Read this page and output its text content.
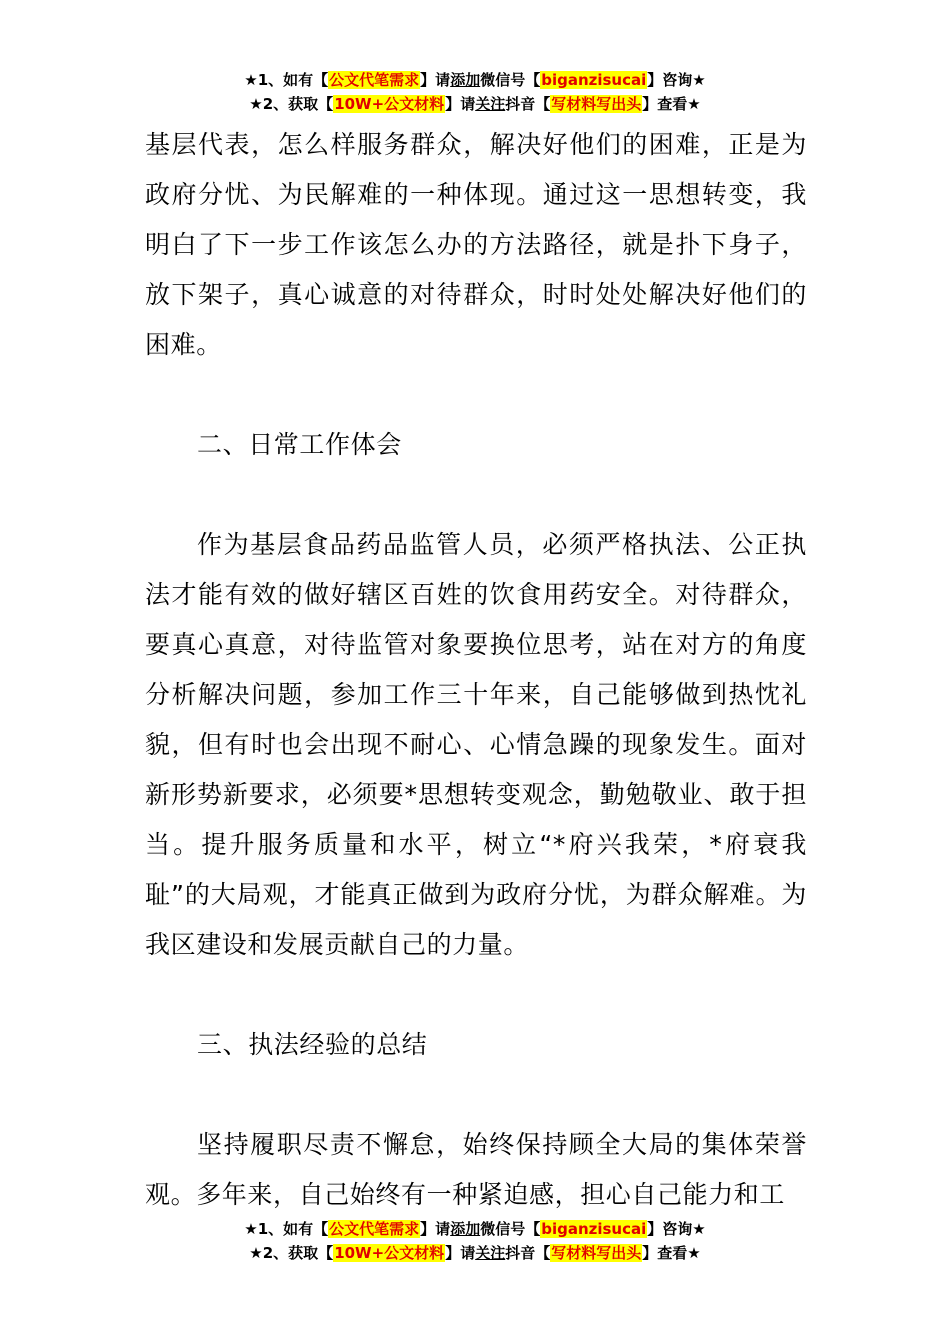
★1、如有【公文代笔需求】请添加微信号【biganzisucai】咨询★
★2、获取【10W+公文材料】请关注抖音【写材料写出头】查看★

基层代表，怎么样服务群众，解决好他们的困难，正是为政府分忧、为民解难的一种体现。通过这一思想转变，我明白了下一步工作该怎么办的方法路径，就是扑下身子，放下架子，真心诚意的对待群众，时时处处解决好他们的困难。

二、日常工作体会

作为基层食品药品监管人员，必须严格执法、公正执法才能有效的做好辖区百姓的饮食用药安全。对待群众，要真心真意，对待监管对象要换位思考，站在对方的角度分析解决问题，参加工作三十年来，自己能够做到热忱礼貌，但有时也会出现不耐心、心情急躁的现象发生。面对新形势新要求，必须要*思想转变观念，勤勉敬业、敢于担当。提升服务质量和水平，树立“*府兴我荣，*府衰我耻”的大局观，才能真正做到为政府分忧，为群众解难。为我区建设和发展贡献自己的力量。

三、执法经验的总结

坚持履职尽责不懈怠，始终保持顾全大局的集体荣誉观。多年来，自己始终有一种紧迫感，担心自己能力和工

★1、如有【公文代笔需求】请添加微信号【biganzisucai】咨询★
★2、获取【10W+公文材料】请关注抖音【写材料写出头】查看★
